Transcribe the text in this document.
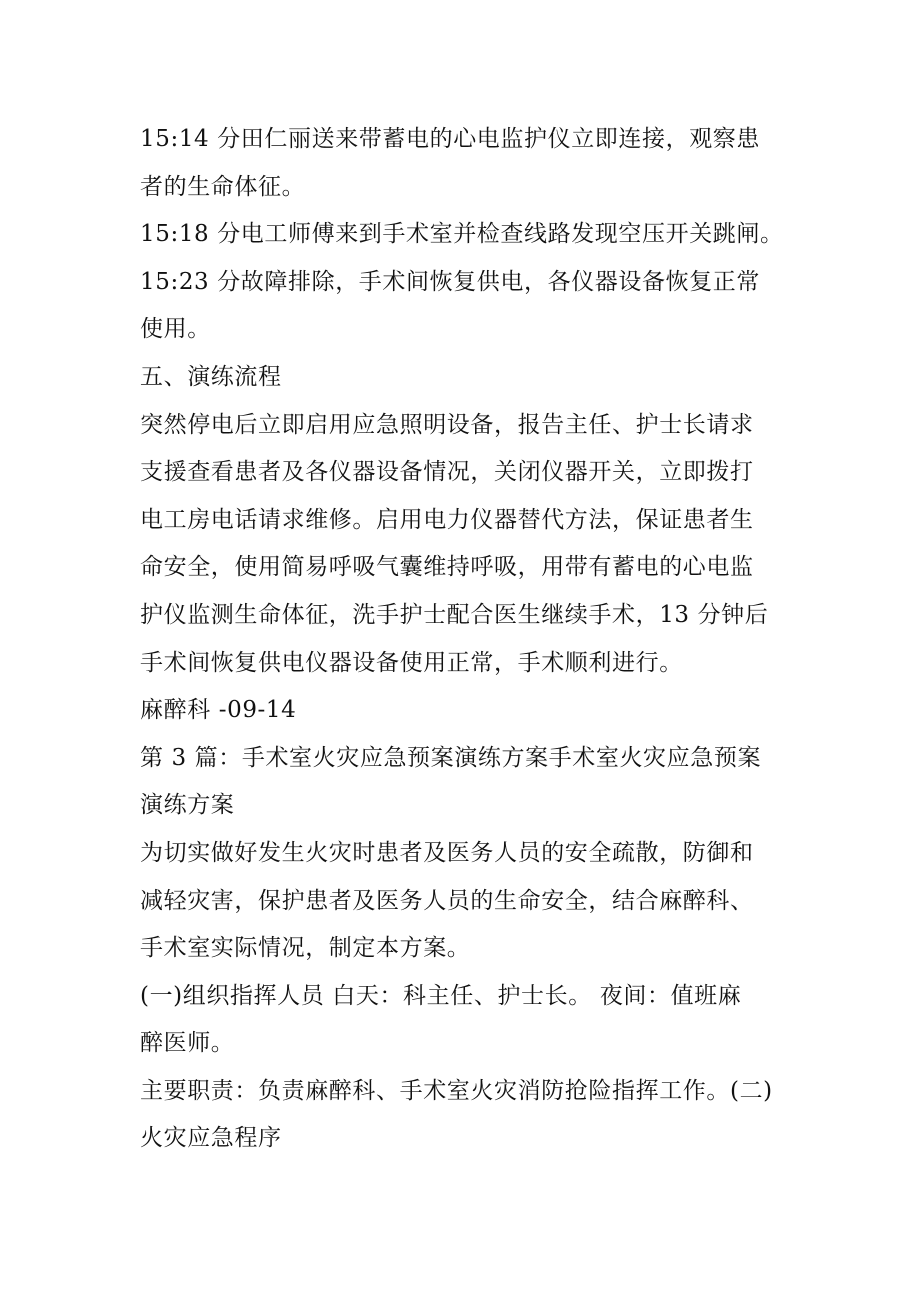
15:14 分田仁丽送来带蓄电的心电监护仪立即连接，观察患
者的生命体征。
15:18 分电工师傅来到手术室并检查线路发现空压开关跳闸。
15:23 分故障排除，手术间恢复供电，各仪器设备恢复正常
使用。
五、演练流程
突然停电后立即启用应急照明设备，报告主任、护士长请求
支援查看患者及各仪器设备情况，关闭仪器开关，立即拨打
电工房电话请求维修。启用电力仪器替代方法，保证患者生
命安全，使用简易呼吸气囊维持呼吸，用带有蓄电的心电监
护仪监测生命体征，洗手护士配合医生继续手术，13 分钟后
手术间恢复供电仪器设备使用正常，手术顺利进行。
麻醉科 -09-14
第 3 篇：手术室火灾应急预案演练方案手术室火灾应急预案
演练方案
为切实做好发生火灾时患者及医务人员的安全疏散，防御和
减轻灾害，保护患者及医务人员的生命安全，结合麻醉科、
手术室实际情况，制定本方案。
(一)组织指挥人员 白天：科主任、护士长。 夜间：值班麻
醉医师。
主要职责：负责麻醉科、手术室火灾消防抢险指挥工作。(二)
火灾应急程序
